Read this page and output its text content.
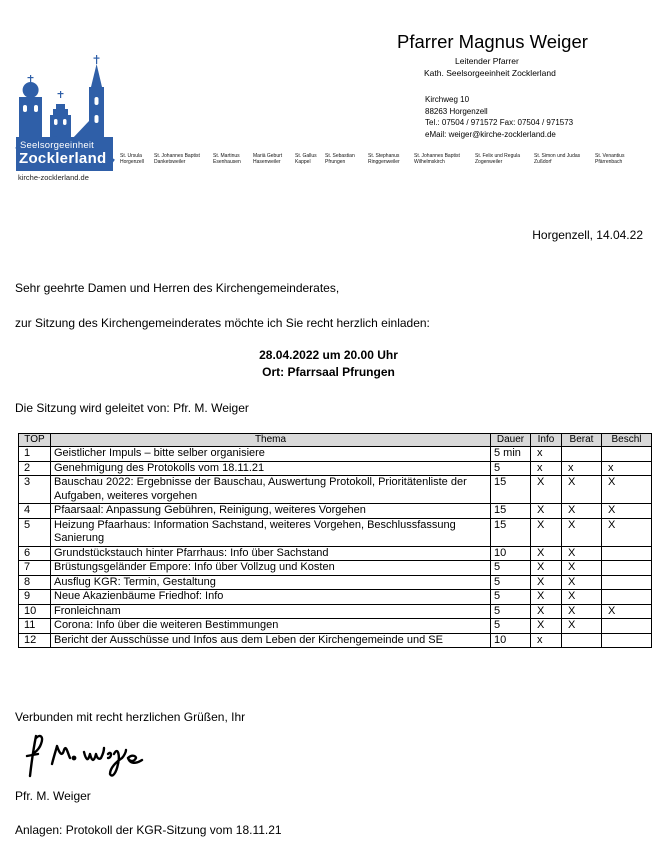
Seelsorgeeinheit
Zocklerland
kirche-zocklerland.de
Pfarrer Magnus Weiger
Leitender Pfarrer
Kath. Seelsorgeeinheit Zocklerland
Kirchweg 10
88263 Horgenzell
Tel.: 07504 / 971572 Fax: 07504 / 971573
eMail: weiger@kirche-zocklerland.de
St. Ursula
Horgenzell
St. Johannes Baptist
Danketsweiler
St. Martinus
Esenhausen
Mariä Geburt
Hasenweiler
St. Gallus
Kappel
St. Sebastian
Pfrungen
St. Stephanus
Ringgenweiler
St. Johannes Baptist
Wilhelmskirch
St. Felix und Regula
Zogenweiler
St. Simon und Judas
Zußdorf
St. Venantius
Pfärrenbach
Horgenzell, 14.04.22
Sehr geehrte Damen und Herren des Kirchengemeinderates,
zur Sitzung des Kirchengemeinderates möchte ich Sie recht herzlich einladen:
28.04.2022 um 20.00 Uhr
Ort: Pfarrsaal Pfrungen
Die Sitzung wird geleitet von: Pfr. M. Weiger
TOP	Thema	Dauer	Info	Berat	Beschl
1	Geistlicher Impuls – bitte selber organisiere	5 min	x		
2	Genehmigung des Protokolls vom 18.11.21	5	x	x	x
3	Bauschau 2022: Ergebnisse der Bauschau, Auswertung Protokoll, Prioritätenliste der Aufgaben, weiteres vorgehen	15	X	X	X
4	Pfaarsaal: Anpassung Gebühren, Reinigung, weiteres Vorgehen	15	X	X	X
5	Heizung Pfaarhaus: Information Sachstand, weiteres Vorgehen, Beschlussfassung Sanierung	15	X	X	X
6	Grundstückstauch hinter Pfarrhaus: Info über Sachstand	10	X	X	
7	Brüstungsgeländer Empore: Info über Vollzug und Kosten	5	X	X	
8	Ausflug KGR: Termin, Gestaltung	5	X	X	
9	Neue Akazienbäume Friedhof: Info	5	X	X	
10	Fronleichnam	5	X	X	X
11	Corona: Info über die weiteren Bestimmungen	5	X	X	
12	Bericht der Ausschüsse und Infos aus dem Leben der Kirchengemeinde und SE	10	x		
Verbunden mit recht herzlichen Grüßen, Ihr
Pfr. M. Weiger
Anlagen: Protokoll der KGR-Sitzung vom 18.11.21
